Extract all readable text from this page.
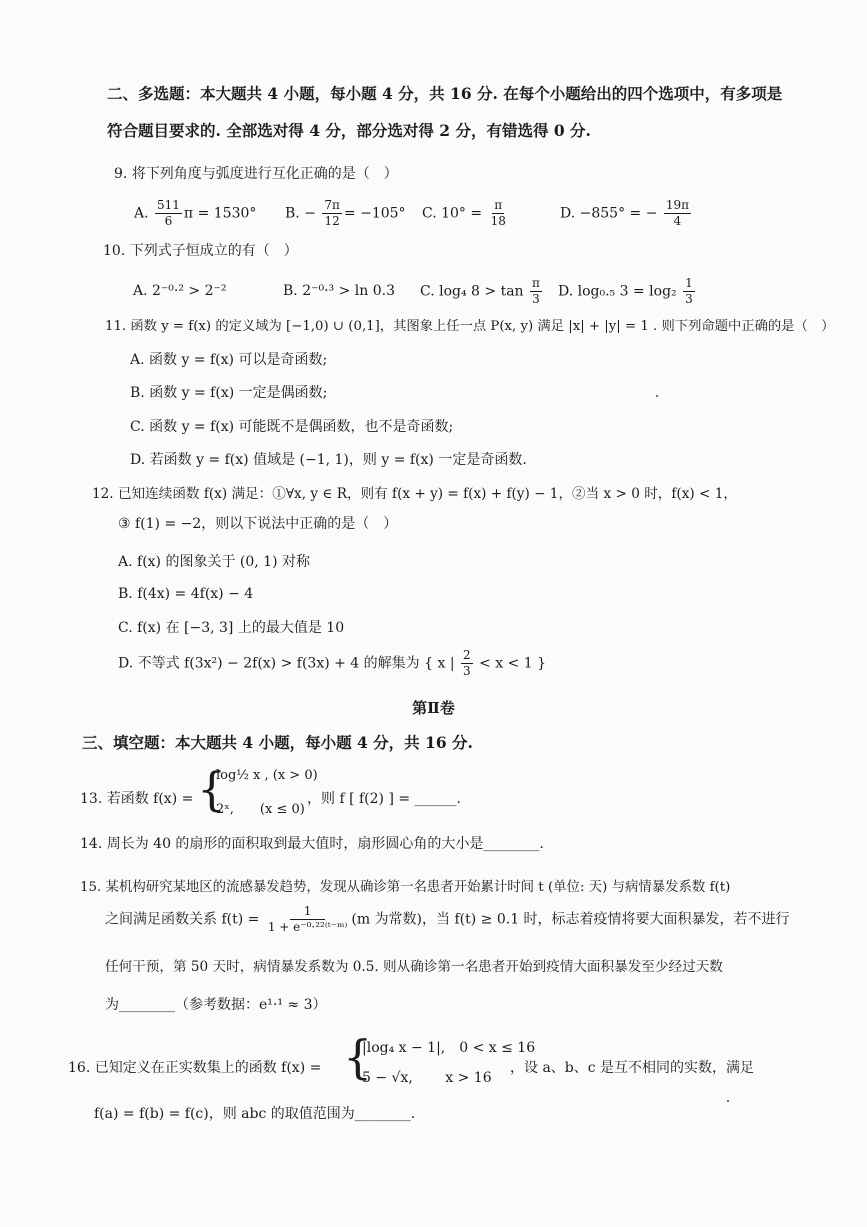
二、多选题：本大题共 4 小题，每小题 4 分，共 16 分. 在每个小题给出的四个选项中，有多项是
符合题目要求的. 全部选对得 4 分，部分选对得 2 分，有错选得 0 分.
9. 将下列角度与弧度进行互化正确的是（　）
A. $\frac{511}{6}$ π = 1530° B. − $\frac{7\pi}{12} = -105^\circ$ C. $10^\circ = \frac{\pi}{18}$	D. −855° = − $\frac{19\pi}{4}$
10. 下列式子恒成立的有（　）
A. 2⁻⁰·² > 2⁻²	B. 2⁻⁰·³ > ln 0.3 C. log₄ $8 > \tan \frac{\pi}{3} D$. log₀.₅ $3 = \log_2 \frac{1}{3}$
11. 函数 y = f(x) 的定义域为 [−1,0) ∪ (0,1]，其图象上任一点 P(x, y) 满足 |x| + |y| = 1 . 则下列命题中正确的是（　）
A. 函数 y = f(x) 可以是奇函数;
B. 函数 y = f(x) 一定是偶函数;
C. 函数 y = f(x) 可能既不是偶函数，也不是奇函数;
D. 若函数 y = f(x) 值域是 (−1, 1)，则 y = f(x) 一定是奇函数.
12. 已知连续函数 f(x) 满足：①∀x, y ∈ R，则有 f(x + y) = f(x) + f(y) − 1，②当 x > 0 时，f(x) < 1，
③ f(1) = −2，则以下说法中正确的是（　）
A. f(x) 的图象关于 (0, 1) 对称
B. f(4x) = 4f(x) − 4
C. f(x) 在 [−3, 3] 上的最大值是 10
D. 不等式 f(3x²) − 2f(x) > f(3x) + 4 的解集为 { x | $\frac{2}{3} < x < 1$ }
第Ⅱ卷
三、填空题：本大题共 4 小题，每小题 4 分，共 16 分.
13. 若函数 f(x) = {
log½ x , (x > 0)
2ˣ,　　(x ≤ 0)
，则 f [ f(2) ] = ______.
14. 周长为 40 的扇形的面积取到最大值时，扇形圆心角的大小是________.
15. 某机构研究某地区的流感暴发趋势，发现从确诊第一名患者开始累计时间 t (单位: 天) 与病情暴发系数 f(t)
之间满足函数关系 $f(t) = \frac{1}{\text{1 + e⁻⁰·²²⁽ᵗ⁻ᵐ⁾}} (m$ 为常数)，当 f(t) ≥ 0.1 时，标志着疫情将要大面积暴发，若不进行
任何干预，第 50 天时，病情暴发系数为 0.5. 则从确诊第一名患者开始到疫情大面积暴发至少经过天数
为________（参考数据：e¹·¹ ≈ 3）
16. 已知定义在正实数集上的函数 f(x) = {
|log₄ x − 1|,　0 < x ≤ 16
5 − √x,　　 x > 16
，设 a、b、c 是互不相同的实数，满足
f(a) = f(b) = f(c)，则 abc 的取值范围为________.
